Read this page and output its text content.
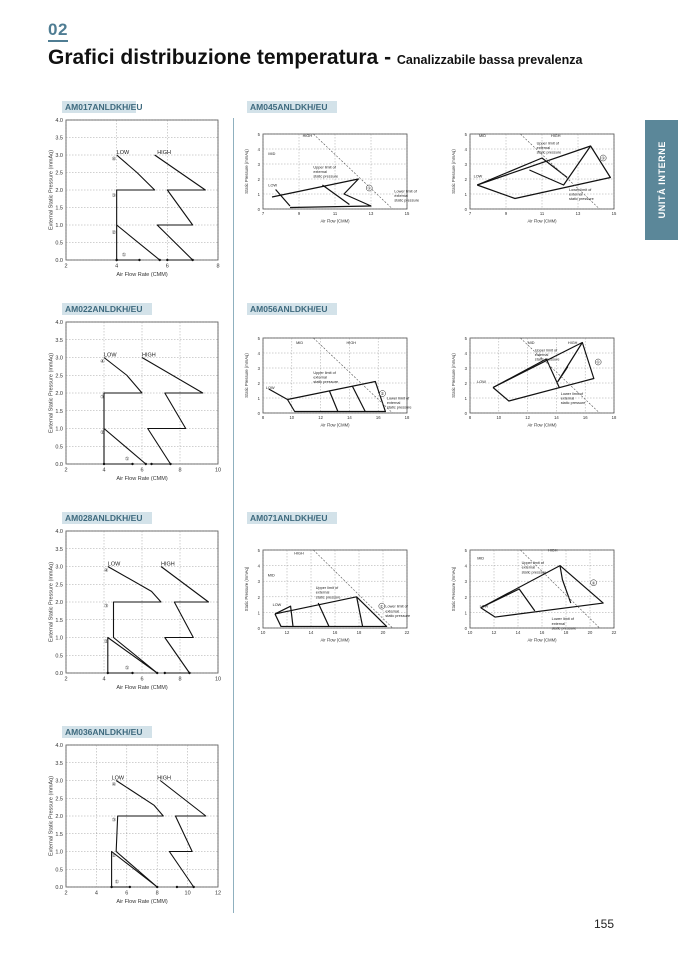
02
Grafici distribuzione temperatura - Canalizzabile bassa prevalenza
UNITÀ INTERNE
AM017ANLDKH/EU
AM022ANLDKH/EU
AM028ANLDKH/EU
AM036ANLDKH/EU
AM045ANLDKH/EU
AM056ANLDKH/EU
AM071ANLDKH/EU
0.0
0.5
1.0
1.5
2.0
2.5
3.0
3.5
4.0
2	4	6	8
Air Flow Rate (CMM)
External Static Pressure (mmAq)	LOW	HIGH
①
②
③
④
0.0
0.5
1.0
1.5
2.0
2.5
3.0
3.5
4.0
2	4	6	8	10
Air Flow Rate (CMM)
External Static Pressure (mmAq)	LOW	HIGH
①
②
③
④
0.0
0.5
1.0
1.5
2.0
2.5
3.0
3.5
4.0
2	4	6	8	10
Air Flow Rate (CMM)
External Static Pressure (mmAq)	LOW	HIGH
①
②
③
④
0.0
0.5
1.0
1.5
2.0
2.5
3.0
3.5
4.0
2	4	6	8	10	12
Air Flow Rate (CMM)
External Static Pressure (mmAq)	LOW	HIGH
①
②
③
④
0
1
2
3
4
5
7	9	11	13	15
Air Flow (CMM)
Static Pressure (mmAq)
HIGH
MID
LOW
Upper limit of
external
static pressure
Lower limit of
external
static pressure
①
0
1
2
3
4
5
7	9	11	13	15
Air Flow (CMM)
Static Pressure (mmAq)
MID	HIGH
LOW
Upper limit of
external
static pressure
Lower limit of
external
static pressure
①
0
1
2
3
4
5
8	10	12	14	16	18
Air Flow (CMM)
Static Pressure (mmAq)
MID	HIGH
LOW
Upper limit of
external
static pressure
Lower limit of
external
static pressure
①
0
1
2
3
4
5
8	10	12	14	16	18
Air Flow (CMM)
Static Pressure (mmAq)
MID	HIGH
LOW
Upper limit of
external
static pressure
Lower limit of
external
static pressure
①
0
1
2
3
4
5
10	12	14	16	18	20	22
Air Flow (CMM)
Static Pressure (mmAq)
HIGH
MID
LOW
Upper limit of
external
static pressure
Lower limit of
external
static pressure
①
0
1
2
3
4
5
10	12	14	16	18	20	22
Air Flow (CMM)
Static Pressure (mmAq)
MID
HIGH
LOW
Upper limit of
external
static pressure
Lower limit of
external
static pressure
①
155
